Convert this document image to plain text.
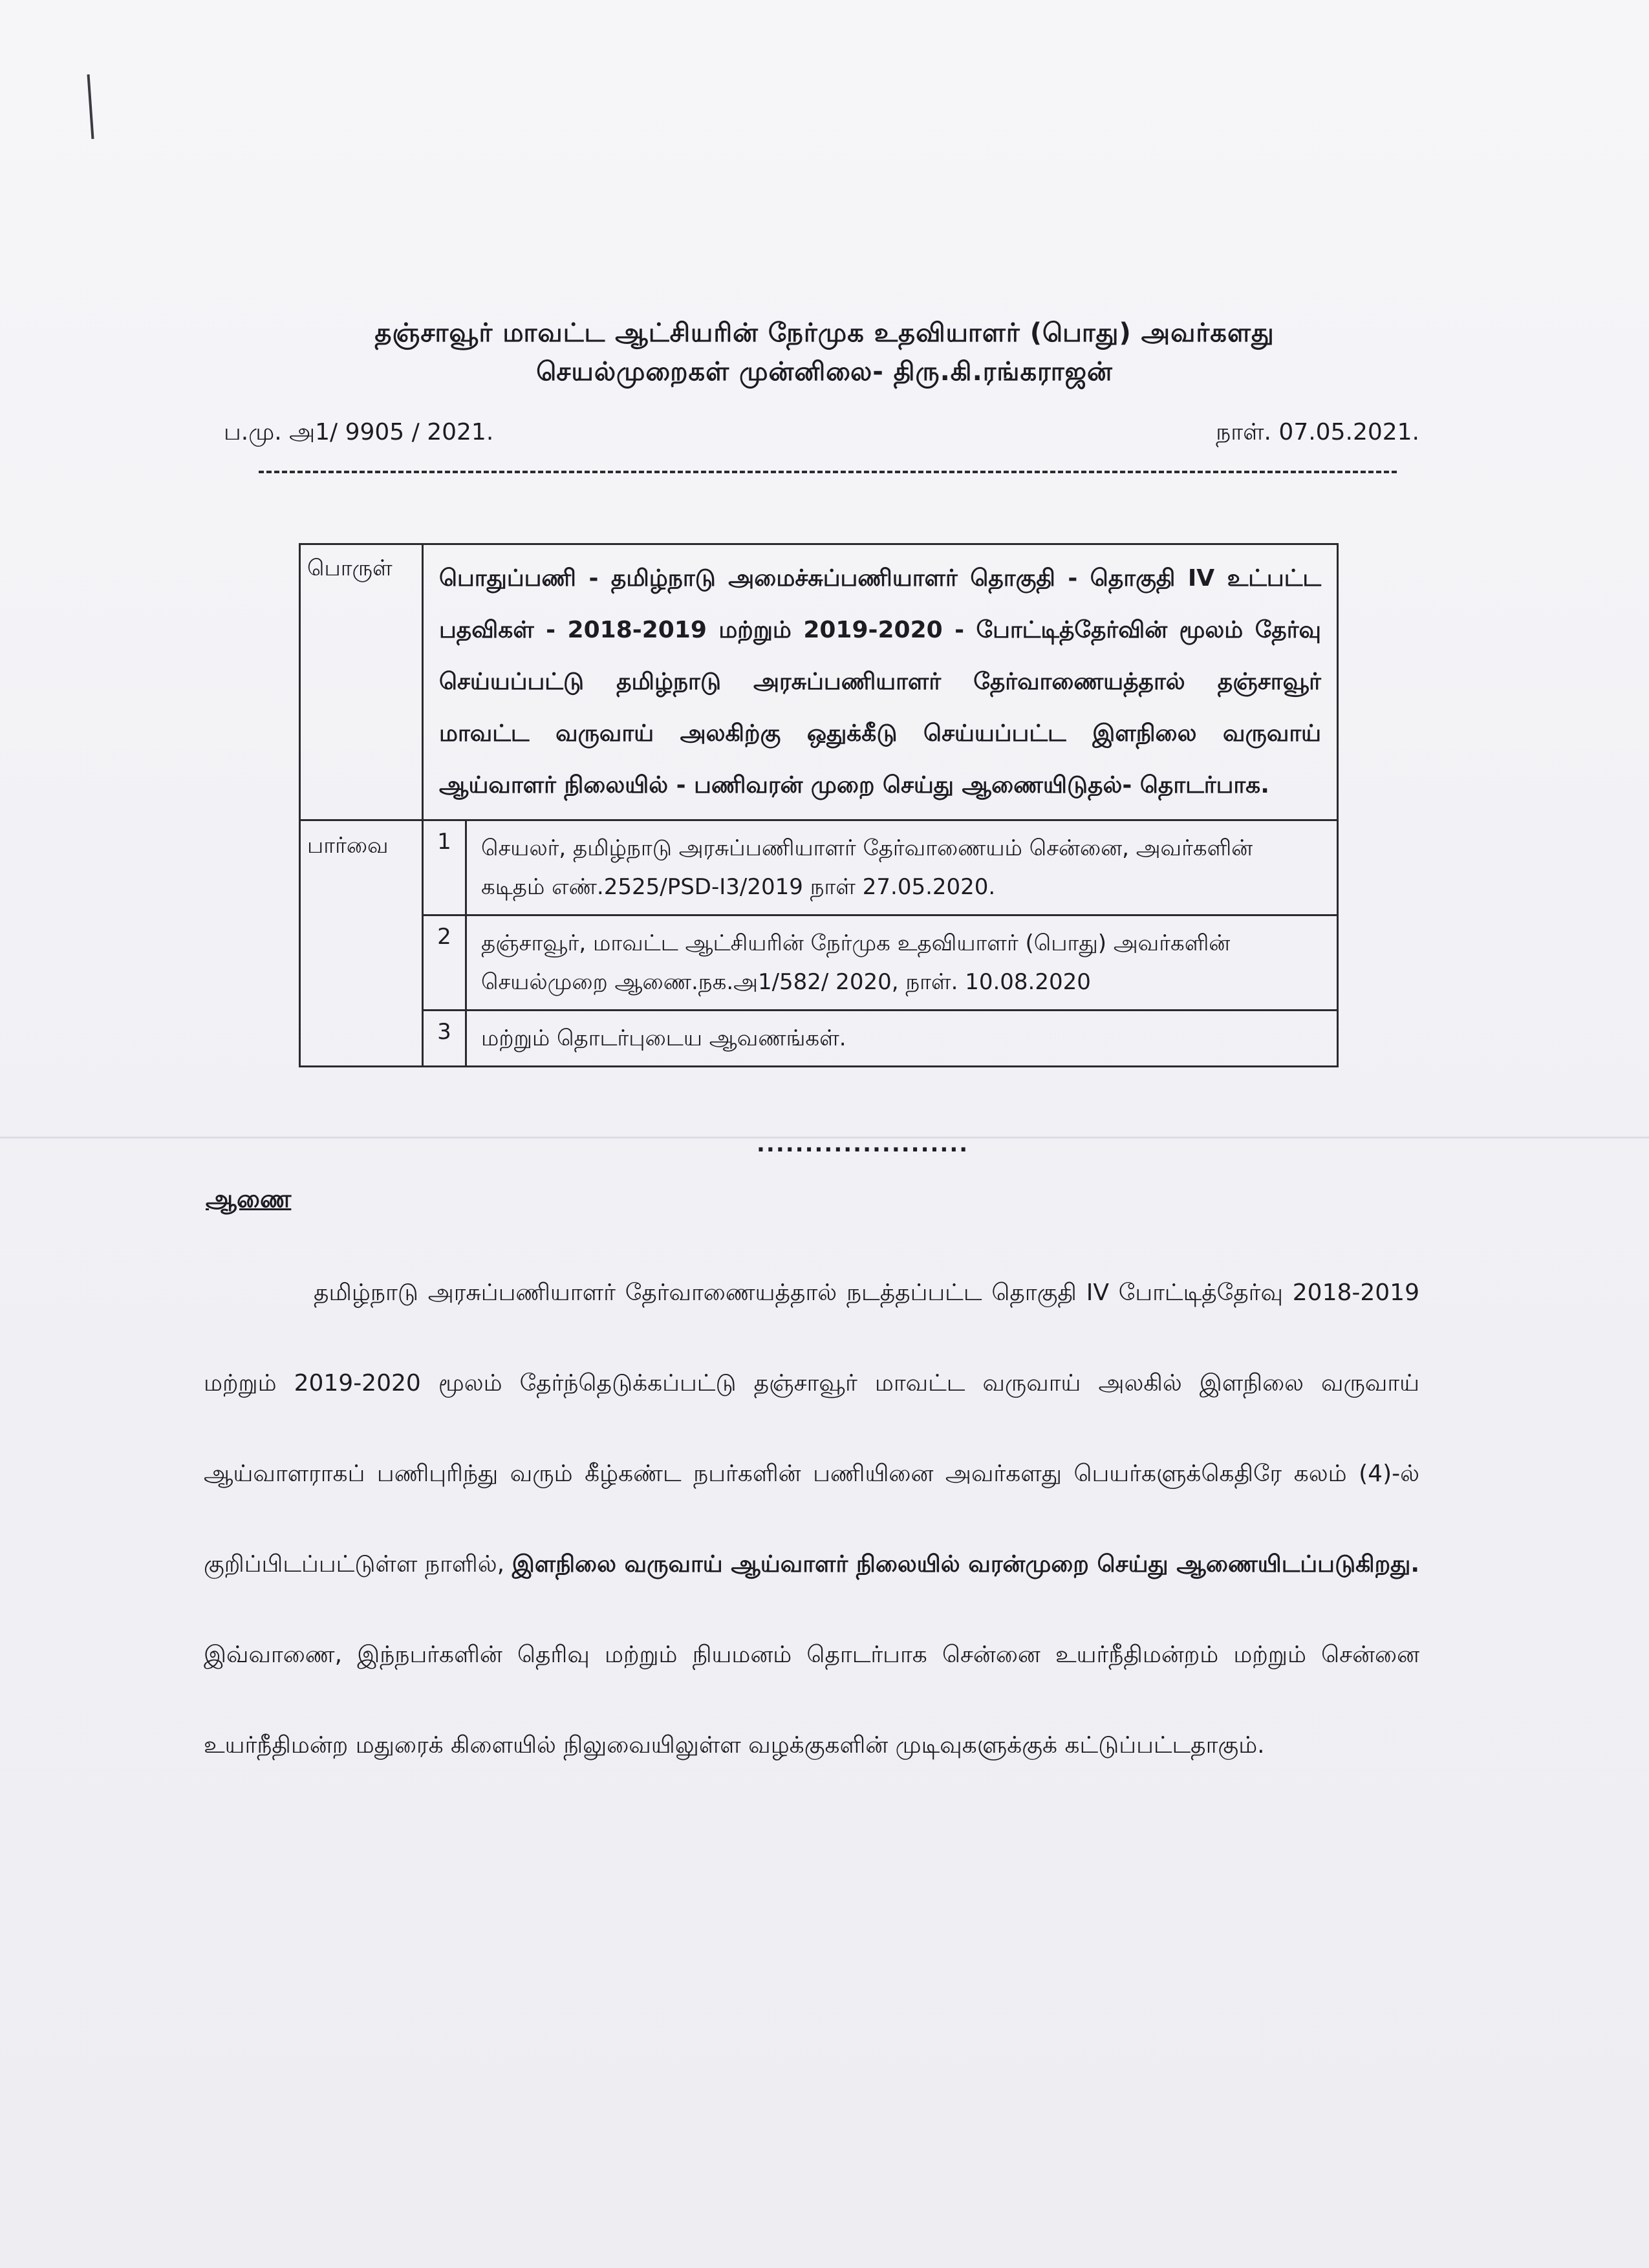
தஞ்சாவூர் மாவட்ட ஆட்சியரின் நேர்முக உதவியாளர் (பொது) அவர்களது
செயல்முறைகள் முன்னிலை- திரு.கி.ரங்கராஜன்
ப.மு. அ1/ 9905 / 2021.	நாள். 07.05.2021.
பொருள்	பொதுப்பணி - தமிழ்நாடு அமைச்சுப்பணியாளர் தொகுதி - தொகுதி IV உட்பட்ட பதவிகள் - 2018-2019 மற்றும் 2019-2020 - போட்டித்தேர்வின் மூலம் தேர்வு செய்யப்பட்டு தமிழ்நாடு அரசுப்பணியாளர் தேர்வாணையத்தால் தஞ்சாவூர் மாவட்ட வருவாய் அலகிற்கு ஒதுக்கீடு செய்யப்பட்ட இளநிலை வருவாய் ஆய்வாளர் நிலையில் - பணிவரன் முறை செய்து ஆணையிடுதல்- தொடர்பாக.
பார்வை	1	செயலர், தமிழ்நாடு அரசுப்பணியாளர் தேர்வாணையம் சென்னை, அவர்களின் கடிதம் எண்.2525/PSD-I3/2019 நாள் 27.05.2020.
2	தஞ்சாவூர், மாவட்ட ஆட்சியரின் நேர்முக உதவியாளர் (பொது) அவர்களின் செயல்முறை ஆணை.நக.அ1/582/ 2020, நாள். 10.08.2020
3	மற்றும் தொடர்புடைய ஆவணங்கள்.
......................
ஆணை
தமிழ்நாடு அரசுப்பணியாளர் தேர்வாணையத்தால் நடத்தப்பட்ட தொகுதி IV போட்டித்தேர்வு 2018-2019 மற்றும் 2019-2020 மூலம் தேர்ந்தெடுக்கப்பட்டு தஞ்சாவூர் மாவட்ட வருவாய் அலகில் இளநிலை வருவாய் ஆய்வாளராகப் பணிபுரிந்து வரும் கீழ்கண்ட நபர்களின் பணியினை அவர்களது பெயர்களுக்கெதிரே கலம் (4)-ல் குறிப்பிடப்பட்டுள்ள நாளில், இளநிலை வருவாய் ஆய்வாளர் நிலையில் வரன்முறை செய்து ஆணையிடப்படுகிறது. இவ்வாணை, இந்நபர்களின் தெரிவு மற்றும் நியமனம் தொடர்பாக சென்னை உயர்நீதிமன்றம் மற்றும் சென்னை உயர்நீதிமன்ற மதுரைக் கிளையில் நிலுவையிலுள்ள வழக்குகளின் முடிவுகளுக்குக் கட்டுப்பட்டதாகும்.
